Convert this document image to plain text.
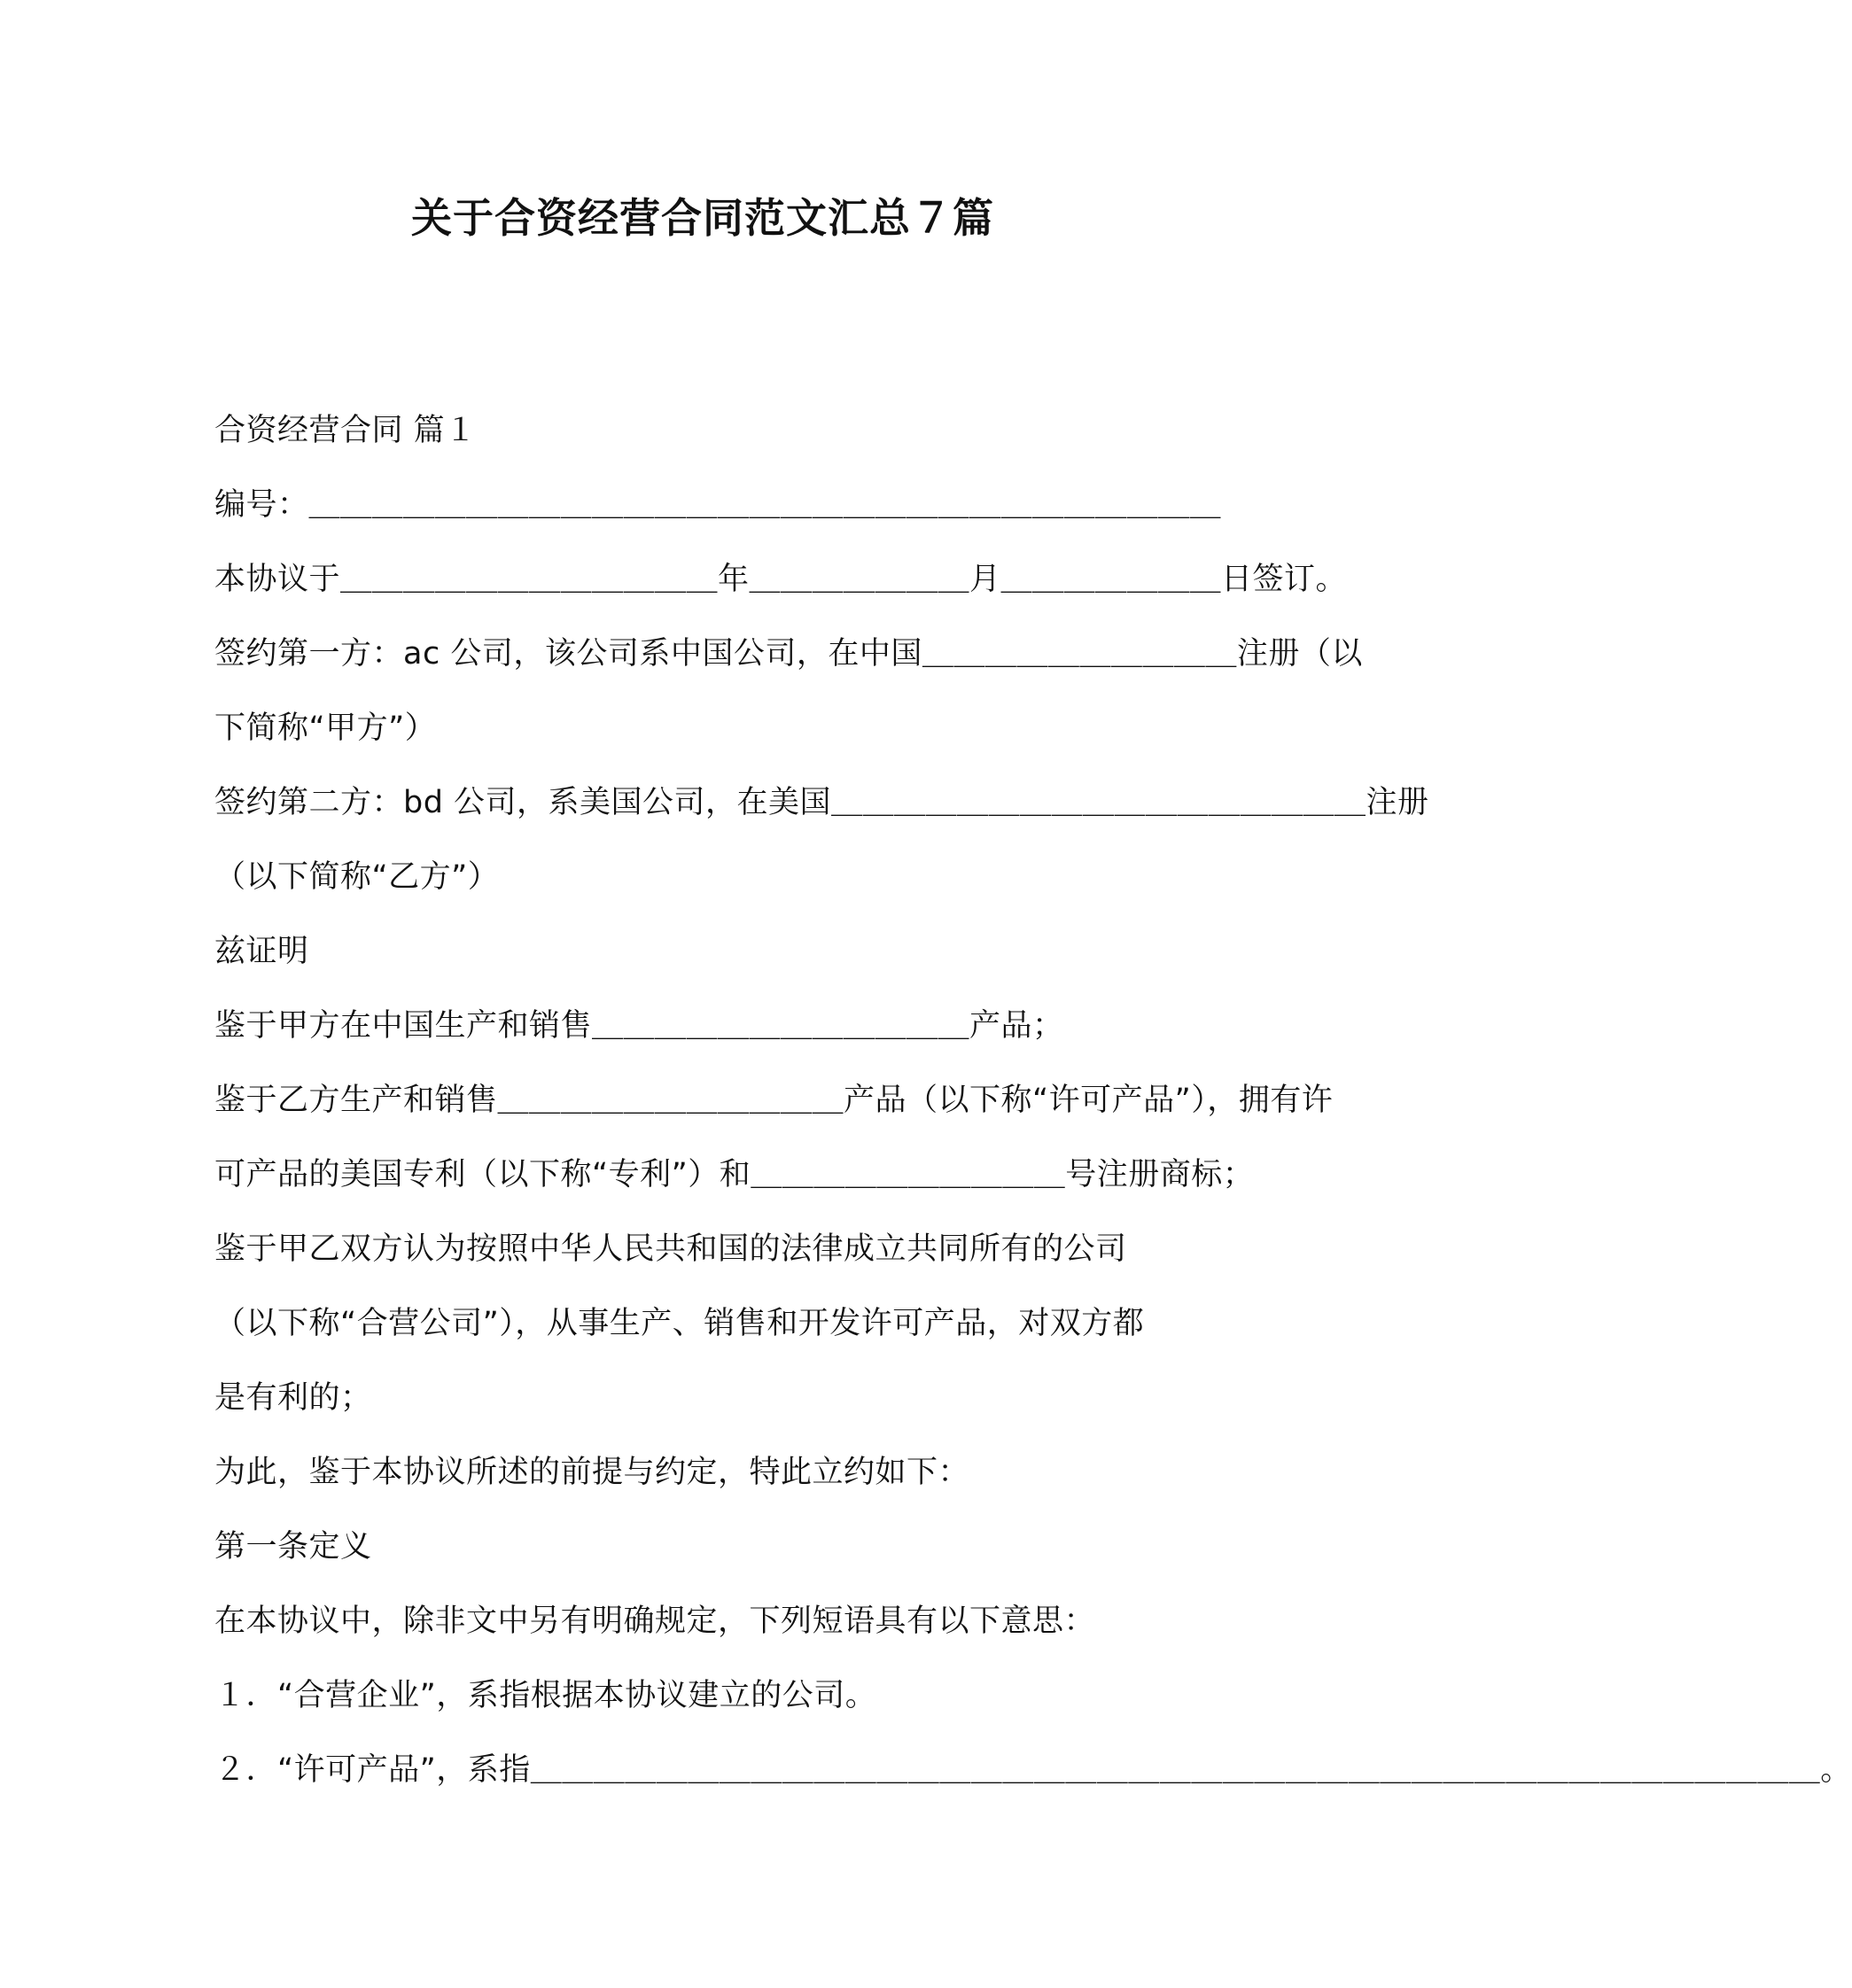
关于合资经营合同范文汇总７篇

合资经营合同 篇１

编号：＿＿＿＿＿＿＿＿＿＿＿＿＿＿＿＿＿＿＿＿＿＿＿＿＿＿＿＿＿

本协议于＿＿＿＿＿＿＿＿＿＿＿＿年＿＿＿＿＿＿＿月＿＿＿＿＿＿＿日签订。

签约第一方：ac 公司，该公司系中国公司，在中国＿＿＿＿＿＿＿＿＿＿注册（以

下简称“甲方”）

签约第二方：bd 公司，系美国公司，在美国＿＿＿＿＿＿＿＿＿＿＿＿＿＿＿＿＿注册

（以下简称“乙方”）

兹证明

鉴于甲方在中国生产和销售＿＿＿＿＿＿＿＿＿＿＿＿产品；

鉴于乙方生产和销售＿＿＿＿＿＿＿＿＿＿＿产品（以下称“许可产品”），拥有许

可产品的美国专利（以下称“专利”）和＿＿＿＿＿＿＿＿＿＿号注册商标；

鉴于甲乙双方认为按照中华人民共和国的法律成立共同所有的公司

（以下称“合营公司”），从事生产、销售和开发许可产品，对双方都

是有利的；

为此，鉴于本协议所述的前提与约定，特此立约如下：

第一条定义

在本协议中，除非文中另有明确规定，下列短语具有以下意思：

１．“合营企业”，系指根据本协议建立的公司。

２．“许可产品”，系指＿＿＿＿＿＿＿＿＿＿＿＿＿＿＿＿＿＿＿＿＿＿＿＿＿＿＿＿＿＿＿＿＿＿＿＿＿＿＿＿＿。
